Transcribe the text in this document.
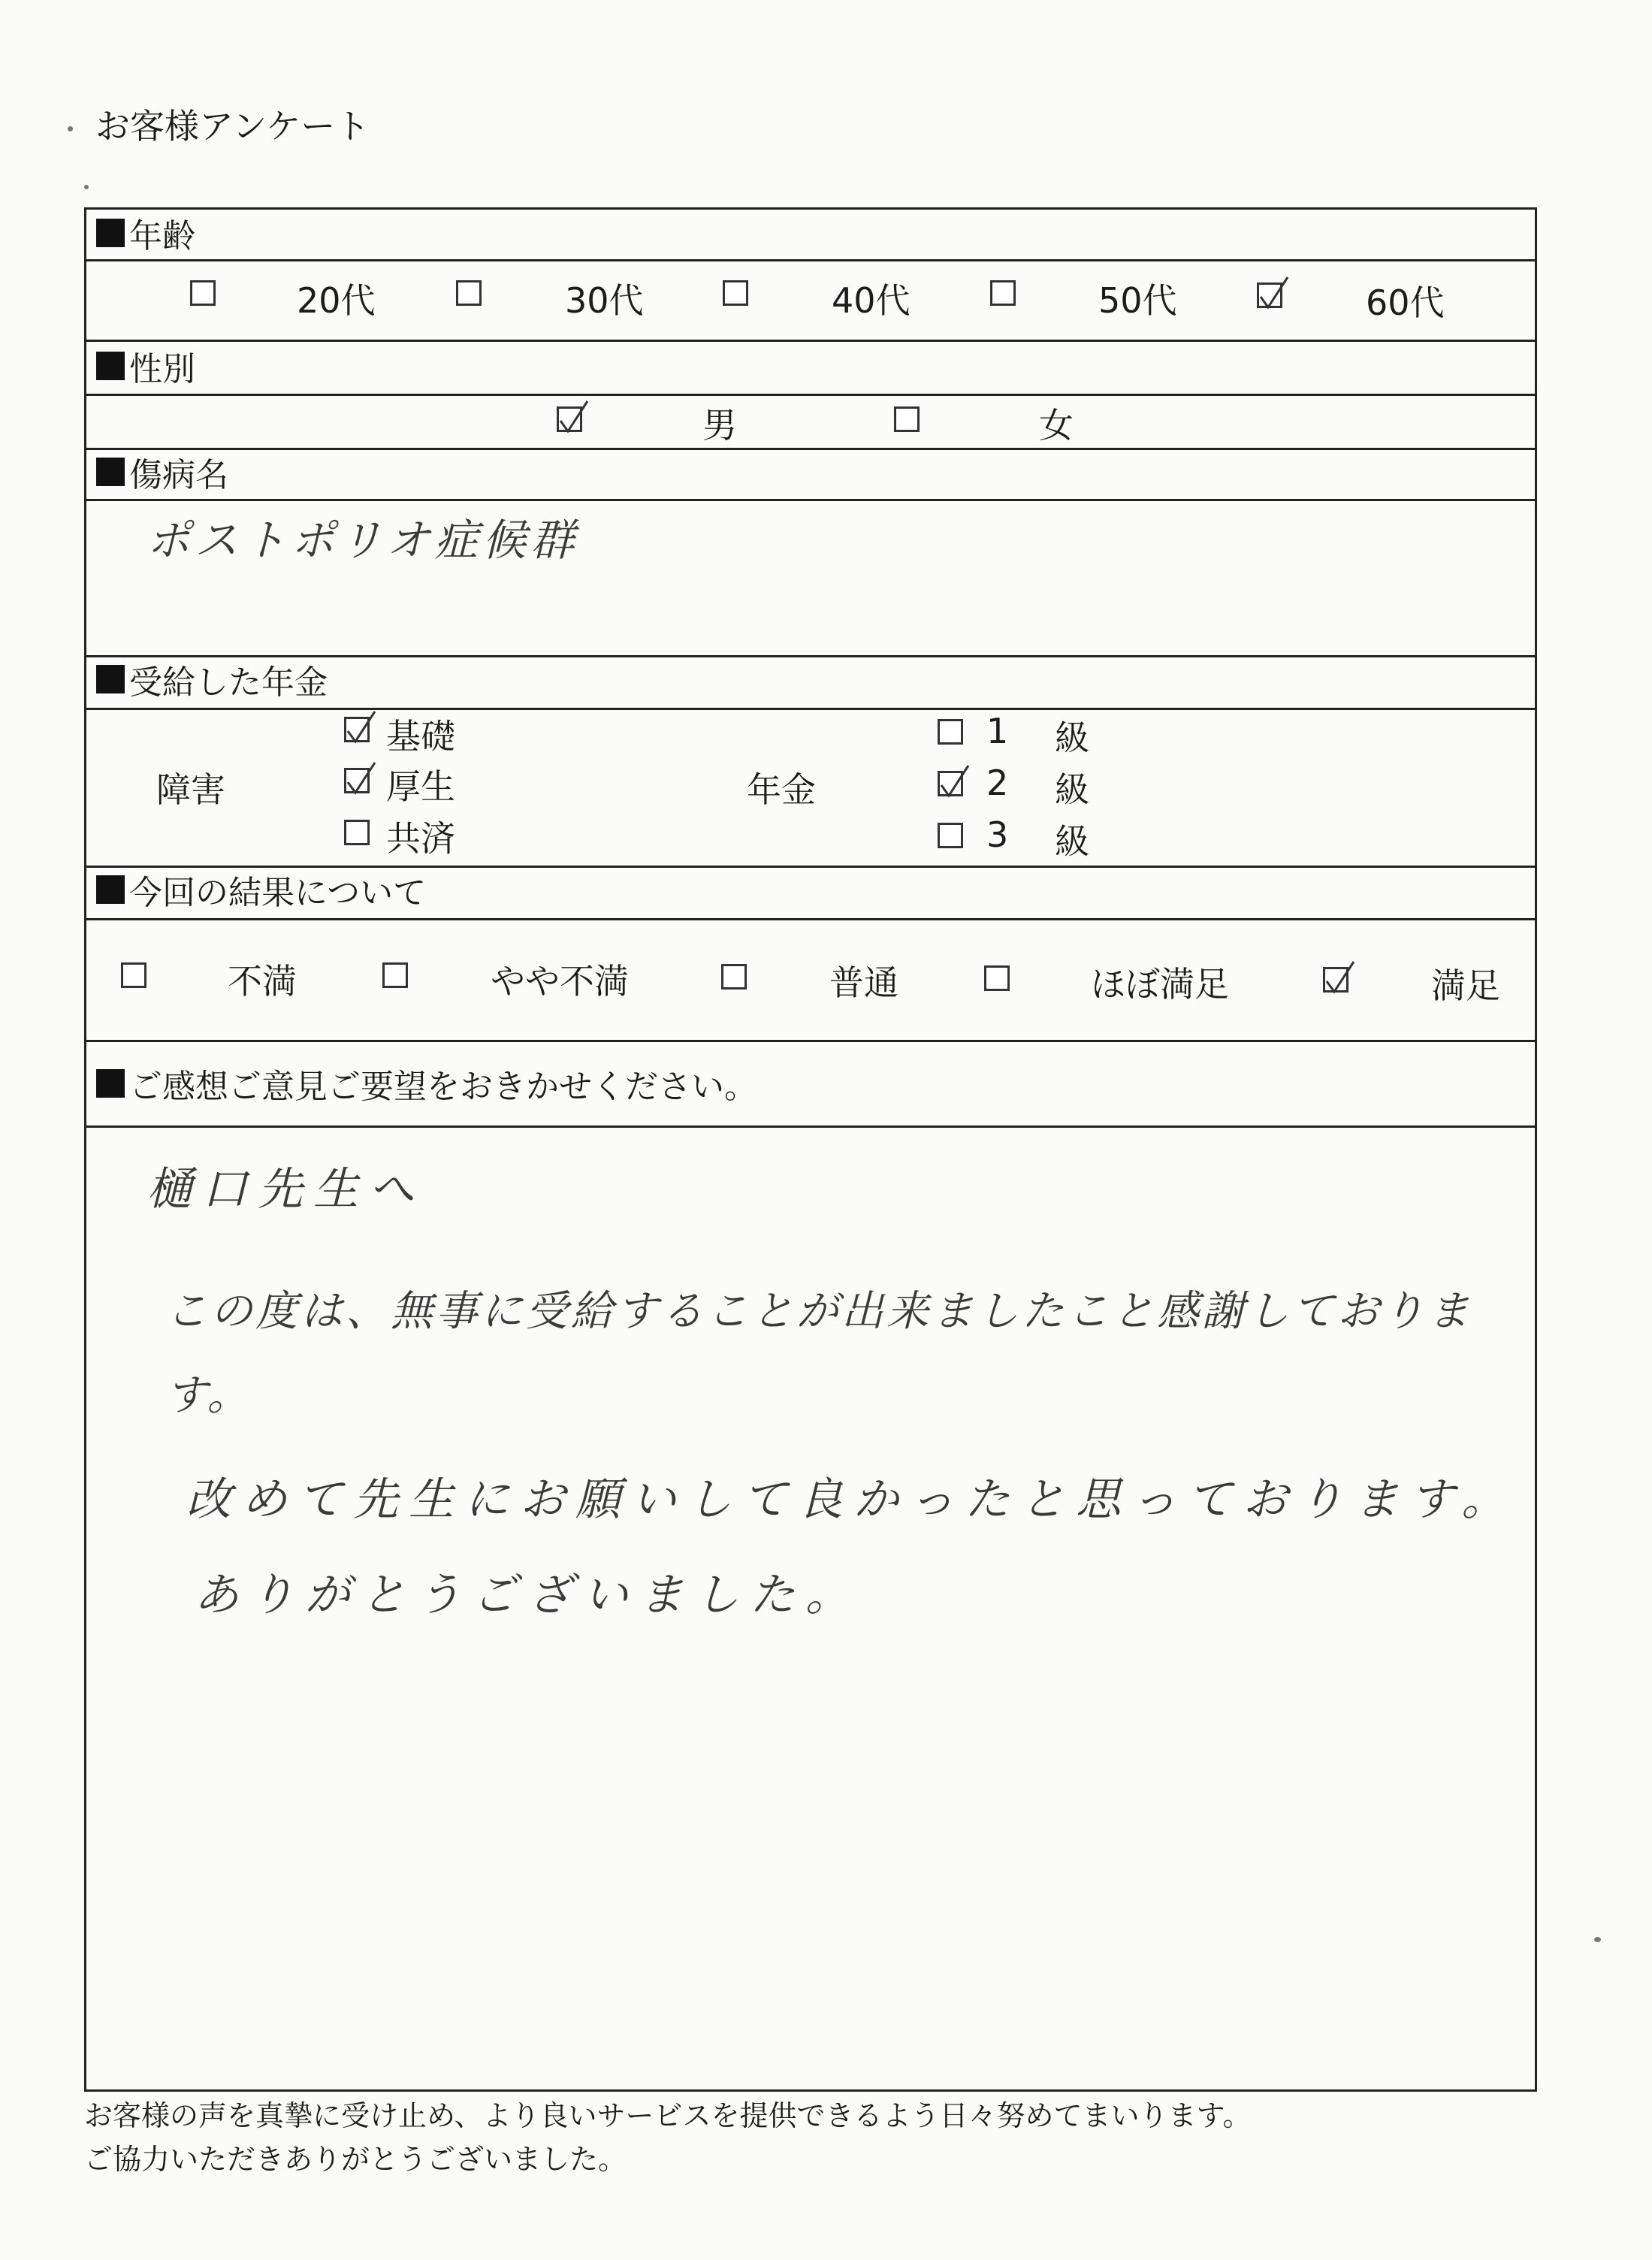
お客様アンケート
年齢
20代	30代	40代	50代	60代
性別
男	女
傷病名
ポストポリオ症候群
受給した年金
障害
基礎
厚生
共済
年金
1 級
2 級
3 級
今回の結果について
不満	やや不満	普通	ほぼ満足	満足
ご感想ご意見ご要望をおきかせください。
樋口先生へ
この度は、無事に受給することが出来ましたこと感謝しております。
改めて先生にお願いして良かったと思っております。
ありがとうございました。
お客様の声を真摯に受け止め、より良いサービスを提供できるよう日々努めてまいります。
ご協力いただきありがとうございました。
